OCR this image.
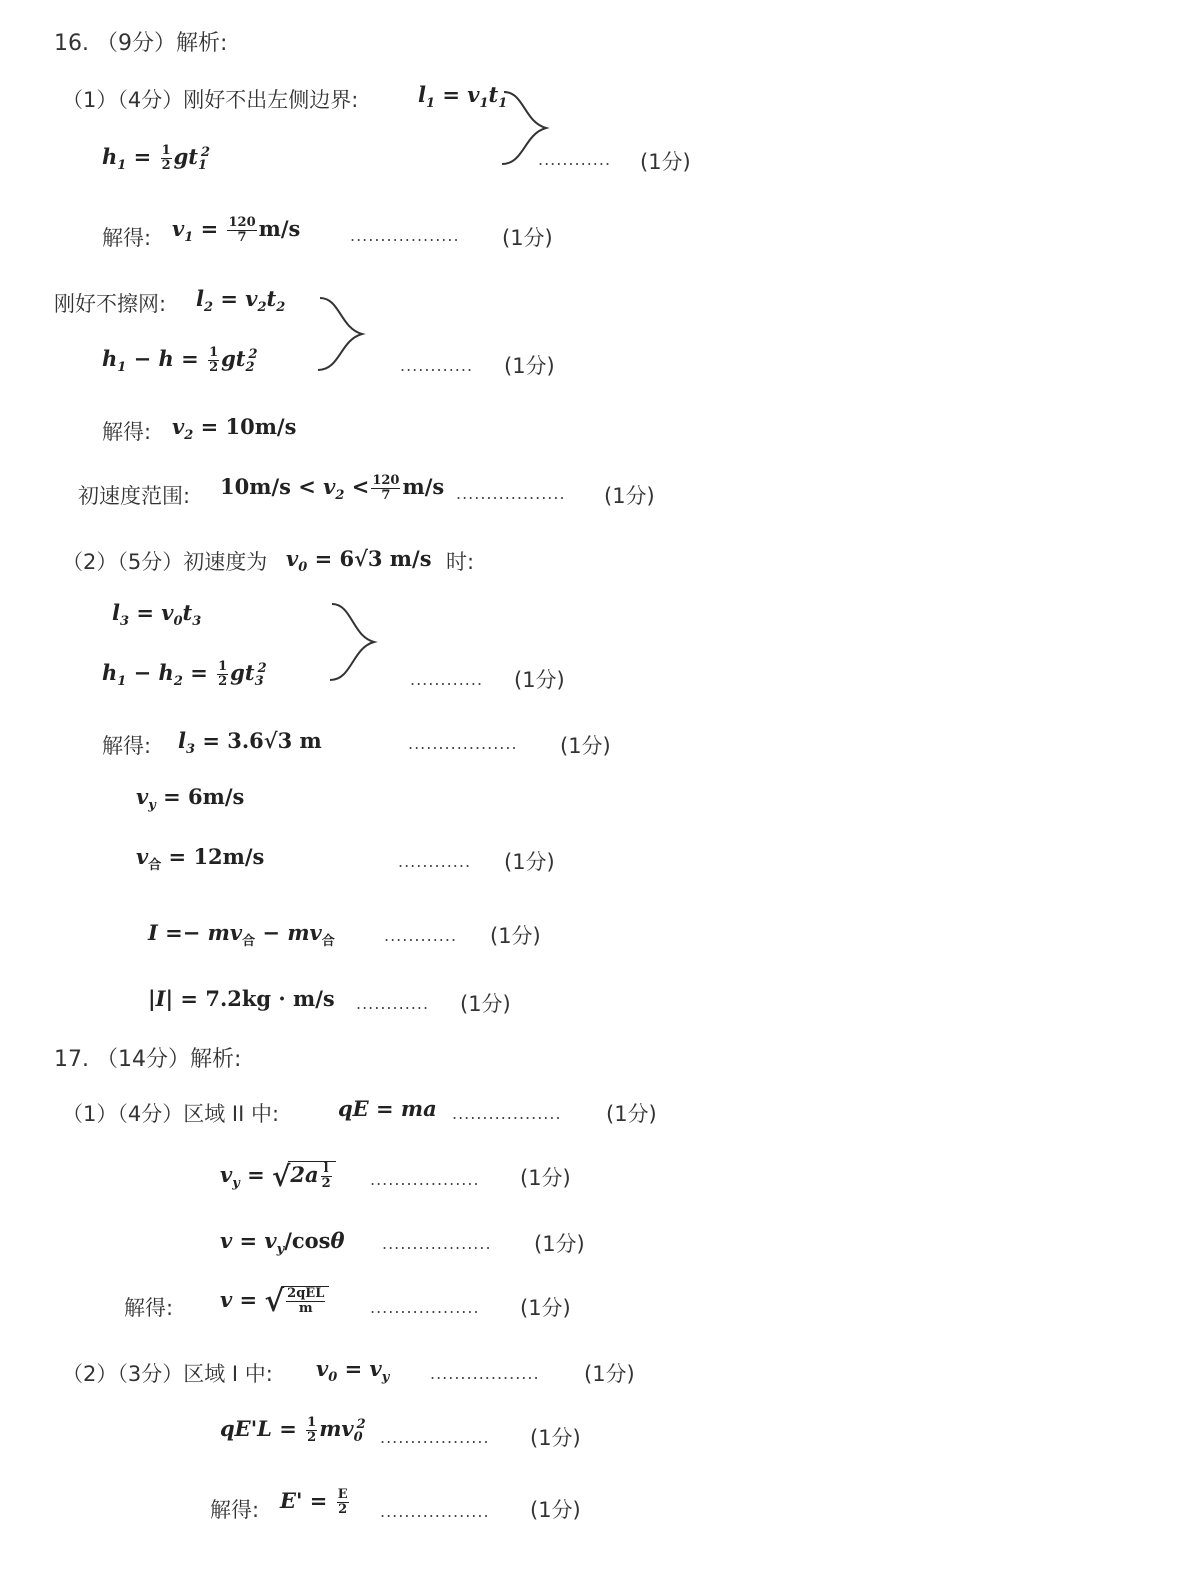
16. （9分）解析:
（1）（4分）刚好不出左侧边界:	$l_1 = v_1t_1$
$h_1 = \frac{1}{2} gt_1^2$	............ (1分)
解得: $v_1 = \frac{120}{7} m/s$	.................. (1分)
刚好不擦网: $l_2 = v_2t_2$
$h_1 - h = \frac{1}{2} gt_2^2$
............ (1分)
解得: $v_2 = 10m/s$
初速度范围: $10m/s < v_2 < \frac{120}{7} m/s$ .................. (1分)
（2）（5分）初速度为 $v_0 = 6√3$ m/s 时:
$l_3 = v_0t_3$
$h_1 - h_2 = \frac{1}{2} gt_3^2$
............ (1分)
解得: $l_3 = 3.6√3$ m	.................. (1分)
$v_y = 6m/s$
$v_合 = 12m/s$	............ (1分)
$I =- mv_合 - mv_合$	............ (1分)
|I| = 7.2kg · m/s ............ (1分)
17. （14分）解析:
（1）（4分）区域 II 中:	qE = ma .................. (1分)
$v_y = √2a \frac{l}{2}$ .................. (1分)
$v = v_y$/cosθ .................. (1分)
解得: v = √ $\frac{\text{2qEL}}{m}$	.................. (1分)
（2）（3分）区域 I 中: $v_0 = v_y$	.................. (1分)
$qE'L = \frac{1}{2} mv_0^2$
.................. (1分)
解得: $E' = \frac{E}{2}$ .................. (1分)
